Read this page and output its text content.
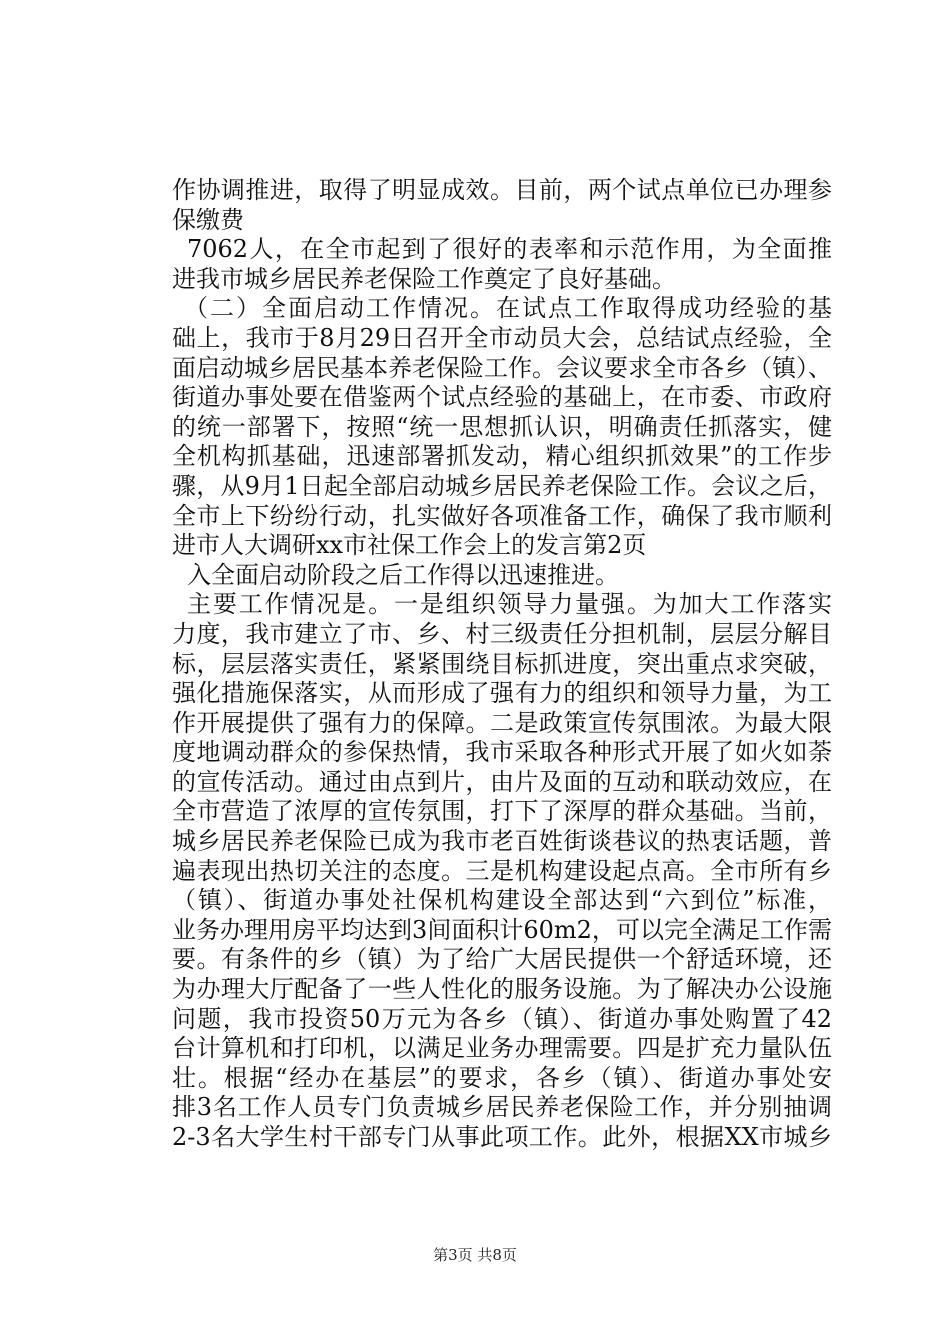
作协调推进，取得了明显成效。目前，两个试点单位已办理参
保缴费
7062人，在全市起到了很好的表率和示范作用，为全面推
进我市城乡居民养老保险工作奠定了良好基础。
（二）全面启动工作情况。在试点工作取得成功经验的基
础上，我市于8月29日召开全市动员大会，总结试点经验，全
面启动城乡居民基本养老保险工作。会议要求全市各乡（镇）、
街道办事处要在借鉴两个试点经验的基础上，在市委、市政府
的统一部署下，按照“统一思想抓认识，明确责任抓落实，健
全机构抓基础，迅速部署抓发动，精心组织抓效果”的工作步
骤，从9月1日起全部启动城乡居民养老保险工作。会议之后，
全市上下纷纷行动，扎实做好各项准备工作，确保了我市顺利
进市人大调研xx市社保工作会上的发言第2页
入全面启动阶段之后工作得以迅速推进。
主要工作情况是。一是组织领导力量强。为加大工作落实
力度，我市建立了市、乡、村三级责任分担机制，层层分解目
标，层层落实责任，紧紧围绕目标抓进度，突出重点求突破，
强化措施保落实，从而形成了强有力的组织和领导力量，为工
作开展提供了强有力的保障。二是政策宣传氛围浓。为最大限
度地调动群众的参保热情，我市采取各种形式开展了如火如荼
的宣传活动。通过由点到片，由片及面的互动和联动效应，在
全市营造了浓厚的宣传氛围，打下了深厚的群众基础。当前，
城乡居民养老保险已成为我市老百姓街谈巷议的热衷话题，普
遍表现出热切关注的态度。三是机构建设起点高。全市所有乡
（镇）、街道办事处社保机构建设全部达到“六到位”标准，
业务办理用房平均达到3间面积计60m2，可以完全满足工作需
要。有条件的乡（镇）为了给广大居民提供一个舒适环境，还
为办理大厅配备了一些人性化的服务设施。为了解决办公设施
问题，我市投资50万元为各乡（镇）、街道办事处购置了42
台计算机和打印机，以满足业务办理需要。四是扩充力量队伍
壮。根据“经办在基层”的要求，各乡（镇）、街道办事处安
排3名工作人员专门负责城乡居民养老保险工作，并分别抽调
2-3名大学生村干部专门从事此项工作。此外，根据XX市城乡
第3页 共8页
